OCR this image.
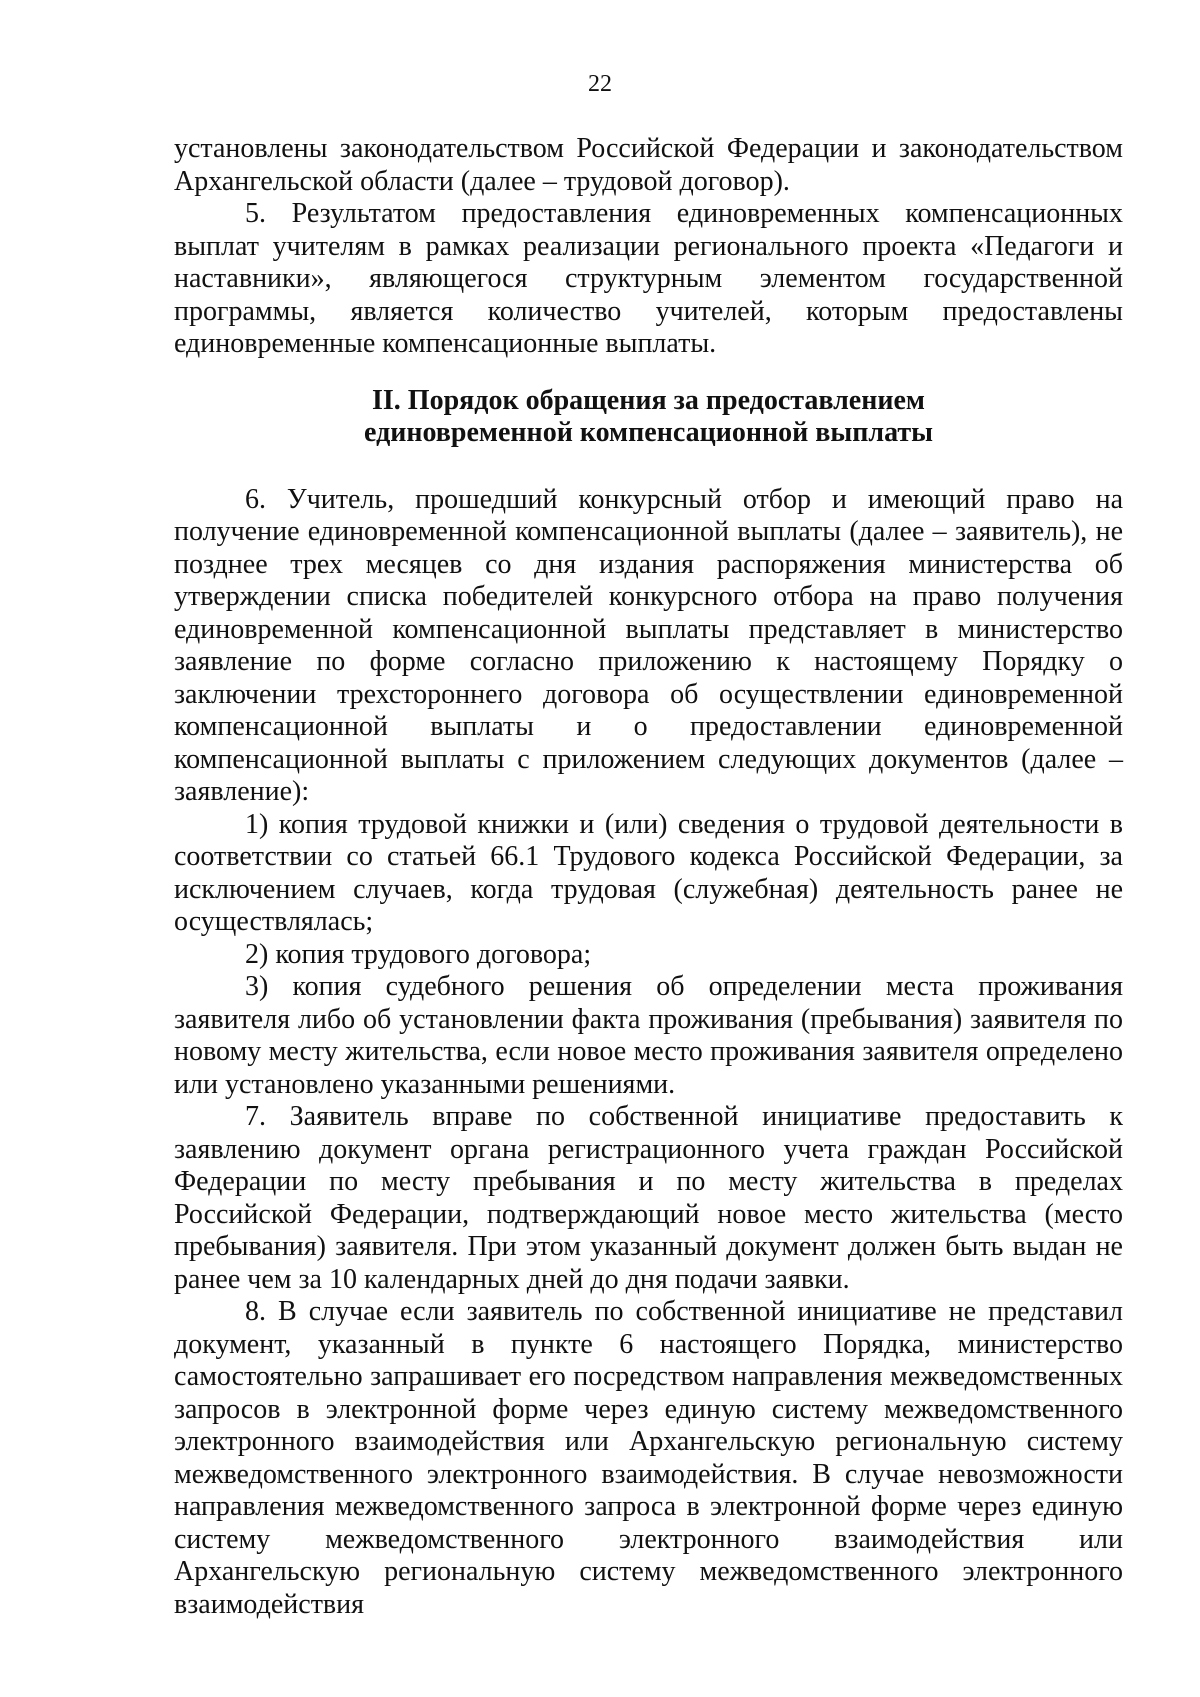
22

установлены законодательством Российской Федерации и законодательством Архангельской области (далее – трудовой договор).

5. Результатом предоставления единовременных компенсационных выплат учителям в рамках реализации регионального проекта «Педагоги и наставники», являющегося структурным элементом государственной программы, является количество учителей, которым предоставлены единовременные компенсационные выплаты.

II. Порядок обращения за предоставлением
единовременной компенсационной выплаты

6. Учитель, прошедший конкурсный отбор и имеющий право на получение единовременной компенсационной выплаты (далее – заявитель), не позднее трех месяцев со дня издания распоряжения министерства об утверждении списка победителей конкурсного отбора на право получения единовременной компенсационной выплаты представляет в министерство заявление по форме согласно приложению к настоящему Порядку о заключении трехстороннего договора об осуществлении единовременной компенсационной выплаты и о предоставлении единовременной компенсационной выплаты с приложением следующих документов (далее – заявление):

1) копия трудовой книжки и (или) сведения о трудовой деятельности в соответствии со статьей 66.1 Трудового кодекса Российской Федерации, за исключением случаев, когда трудовая (служебная) деятельность ранее не осуществлялась;

2) копия трудового договора;

3) копия судебного решения об определении места проживания заявителя либо об установлении факта проживания (пребывания) заявителя по новому месту жительства, если новое место проживания заявителя определено или установлено указанными решениями.

7. Заявитель вправе по собственной инициативе предоставить к заявлению документ органа регистрационного учета граждан Российской Федерации по месту пребывания и по месту жительства в пределах Российской Федерации, подтверждающий новое место жительства (место пребывания) заявителя. При этом указанный документ должен быть выдан не ранее чем за 10 календарных дней до дня подачи заявки.

8. В случае если заявитель по собственной инициативе не представил документ, указанный в пункте 6 настоящего Порядка, министерство самостоятельно запрашивает его посредством направления межведомственных запросов в электронной форме через единую систему межведомственного электронного взаимодействия или Архангельскую региональную систему межведомственного электронного взаимодействия. В случае невозможности направления межведомственного запроса в электронной форме через единую систему межведомственного электронного взаимодействия или Архангельскую региональную систему межведомственного электронного взаимодействия
